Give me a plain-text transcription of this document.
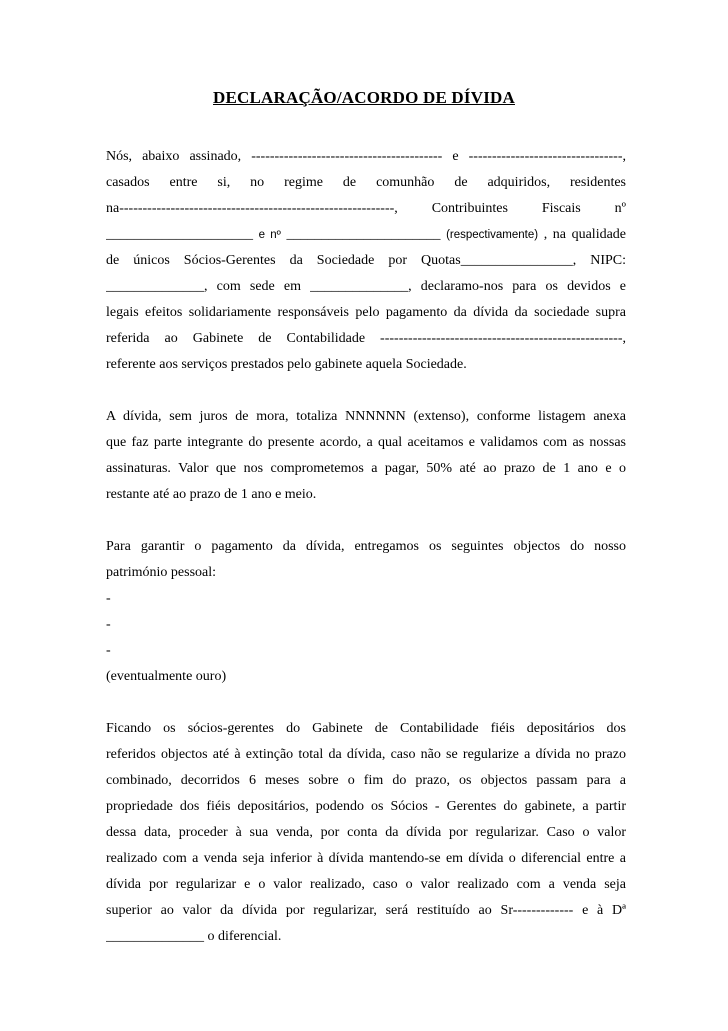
DECLARAÇÃO/ACORDO DE DÍVIDA
Nós, abaixo assinado, ----------------------------------------- e ---------------------------------,
casados entre si, no regime de comunhão de adquiridos, residentes
na-----------------------------------------------------------, Contribuintes Fiscais nº
_____________________ e nº ______________________ (respectivamente) , na qualidade
de únicos Sócios-Gerentes da Sociedade por Quotas________________, NIPC:
______________, com sede em ______________, declaramo-nos para os devidos e
legais efeitos solidariamente responsáveis pelo pagamento da dívida da sociedade supra
referida ao Gabinete de Contabilidade ----------------------------------------------------,
referente aos serviços prestados pelo gabinete aquela Sociedade.
A dívida, sem juros de mora, totaliza NNNNNN (extenso), conforme listagem anexa
que faz parte integrante do presente acordo, a qual aceitamos e validamos com as nossas
assinaturas. Valor que nos comprometemos a pagar, 50% até ao prazo de 1 ano e o
restante até ao prazo de 1 ano e meio.
Para garantir o pagamento da dívida, entregamos os seguintes objectos do nosso
património pessoal:
-
-
-
(eventualmente ouro)
Ficando os sócios-gerentes do Gabinete de Contabilidade fiéis depositários dos
referidos objectos até à extinção total da dívida, caso não se regularize a dívida no prazo
combinado, decorridos 6 meses sobre o fim do prazo, os objectos passam para a
propriedade dos fiéis depositários, podendo os Sócios - Gerentes do gabinete, a partir
dessa data, proceder à sua venda, por conta da dívida por regularizar. Caso o valor
realizado com a venda seja inferior à dívida mantendo-se em dívida o diferencial entre a
dívida por regularizar e o valor realizado, caso o valor realizado com a venda seja
superior ao valor da dívida por regularizar, será restituído ao Sr------------- e à Dª
______________ o diferencial.
